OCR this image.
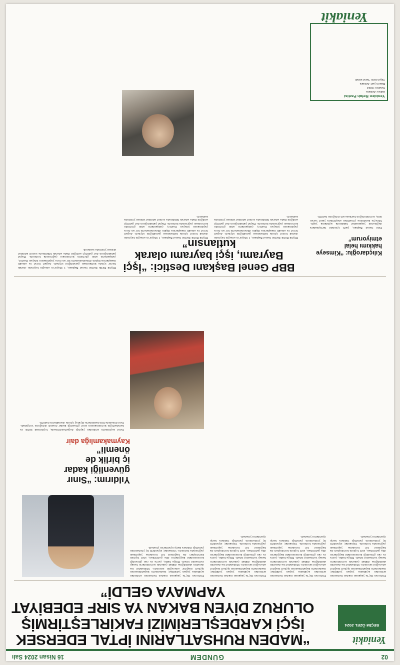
02
GÜNDEM
16 Nisan 2024 Salı
Yeniakit
SEÇİM ÖZEL 2024
“MADEN RUHSATLARINI İPTAL EDERSEK İŞÇİ KARDEŞLERİMİZİ FAKİRLEŞTİRMİŞ OLURUZ DİYEN BAKAN YA SIRF EDEBİYAT YAPMAYA GELDİ”
Erzincan İliç’te yaşanan maden faciasının ardından açıklama yapan yetkililer, madenlerin kapatılmasının işçileri mağdur edeceğini savundu. Muhalefet ise denetim eksikliğine dikkat çekerek sorumluların hesap vermesini istedi. Bölge halkı, çevre ve can güvenliği konusundaki kaygılarını dile getirirken, sivil toplum kuruluşları da bağımsız bir inceleme yapılması çağrısında bulundu. Uzmanlar, siyanürlü liç yönteminin yarattığı risklere karşı uyarılarını yineledi.
Erzincan İliç’te yaşanan maden faciasının ardından açıklama yapan yetkililer, madenlerin kapatılmasının işçileri mağdur edeceğini savundu. Muhalefet ise denetim eksikliğine dikkat çekerek sorumluların hesap vermesini istedi. Bölge halkı, çevre ve can güvenliği konusundaki kaygılarını dile getirirken, sivil toplum kuruluşları da bağımsız bir inceleme yapılması çağrısında bulundu. Uzmanlar, siyanürlü liç yönteminin yarattığı risklere karşı uyarılarını yineledi.
Erzincan İliç’te yaşanan maden faciasının ardından açıklama yapan yetkililer, madenlerin kapatılmasının işçileri mağdur edeceğini savundu. Muhalefet ise denetim eksikliğine dikkat çekerek sorumluların hesap vermesini istedi. Bölge halkı, çevre ve can güvenliği konusundaki kaygılarını dile getirirken, sivil toplum kuruluşları da bağımsız bir inceleme yapılması çağrısında bulundu. Uzmanlar, siyanürlü liç yönteminin yarattığı risklere karşı uyarılarını yineledi.
Erzincan İliç’te yaşanan maden faciasının ardından açıklama yapan yetkililer, madenlerin kapatılmasının işçileri mağdur edeceğini savundu. Muhalefet ise denetim eksikliğine dikkat çekerek sorumluların hesap vermesini istedi. Bölge halkı, çevre ve can güvenliği konusundaki kaygılarını dile getirirken, sivil toplum kuruluşları da bağımsız bir inceleme yapılması çağrısında bulundu. Uzmanlar, siyanürlü liç yönteminin yarattığı risklere karşı uyarılarını yineledi.
Yıldırım: “Sınır güvenliği kadar iç birlik de önemli”
Kaymakamlığa dair
Yerel seçimlerin ardından yaptığı değerlendirmede, toplumsal birlik ve beraberliğin korunmasının sınır güvenliği kadar önemli olduğunu vurguladı. Yeni dönemde tüm kesimlerle diyalog içinde olacaklarını belirtti.
BBP Genel Başkanı Destici: “İşçi Bayramı, işçi bayramı olarak kutlansın”
Büyük Birlik Partisi Genel Başkanı, 1 Mayıs’ın emeğin bayramı olarak huzur içinde kutlanması gerektiğini söyledi. Asgari ücret ve emekli maaşlarına ilişkin düzenlemelerin bir an önce yapılmasını isteyen Destici, çalışanların alım gücünün korunması çağrısında bulundu. Hayat pahalılığının dar gelirliyi ezdiğini ifade ederek hükümete somut adımlar atması yönünde seslendi.
Büyük Birlik Partisi Genel Başkanı, 1 Mayıs’ın emeğin bayramı olarak huzur içinde kutlanması gerektiğini söyledi. Asgari ücret ve emekli maaşlarına ilişkin düzenlemelerin bir an önce yapılmasını isteyen Destici, çalışanların alım gücünün korunması çağrısında bulundu. Hayat pahalılığının dar gelirliyi ezdiğini ifade ederek hükümete somut adımlar atması yönünde seslendi.
Büyük Birlik Partisi Genel Başkanı, 1 Mayıs’ın emeğin bayramı olarak huzur içinde kutlanması gerektiğini söyledi. Asgari ücret ve emekli maaşlarına ilişkin düzenlemelerin bir an önce yapılmasını isteyen Destici, çalışanların alım gücünün korunması çağrısında bulundu. Hayat pahalılığının dar gelirliyi ezdiğini ifade ederek hükümete somut adımlar atması yönünde seslendi.	Kılıçdaroğlu: “Kimseye hakkımı helal etmiyorum”
Eski Genel Başkan, parti içindeki tartışmalara değinerek yaşananlar hakkında açıklama yaptı. Süreçte kendisine yöneltilen eleştirilere yanıt veren isim, sorumluluğun herkese ait olduğunu belirtti.
Yeniden Refah Partisi
Adres: Ankara
Telefon: 0312
Basım yeri: Ankara
Yayın türü: Yerel süreli
Yeniakit
